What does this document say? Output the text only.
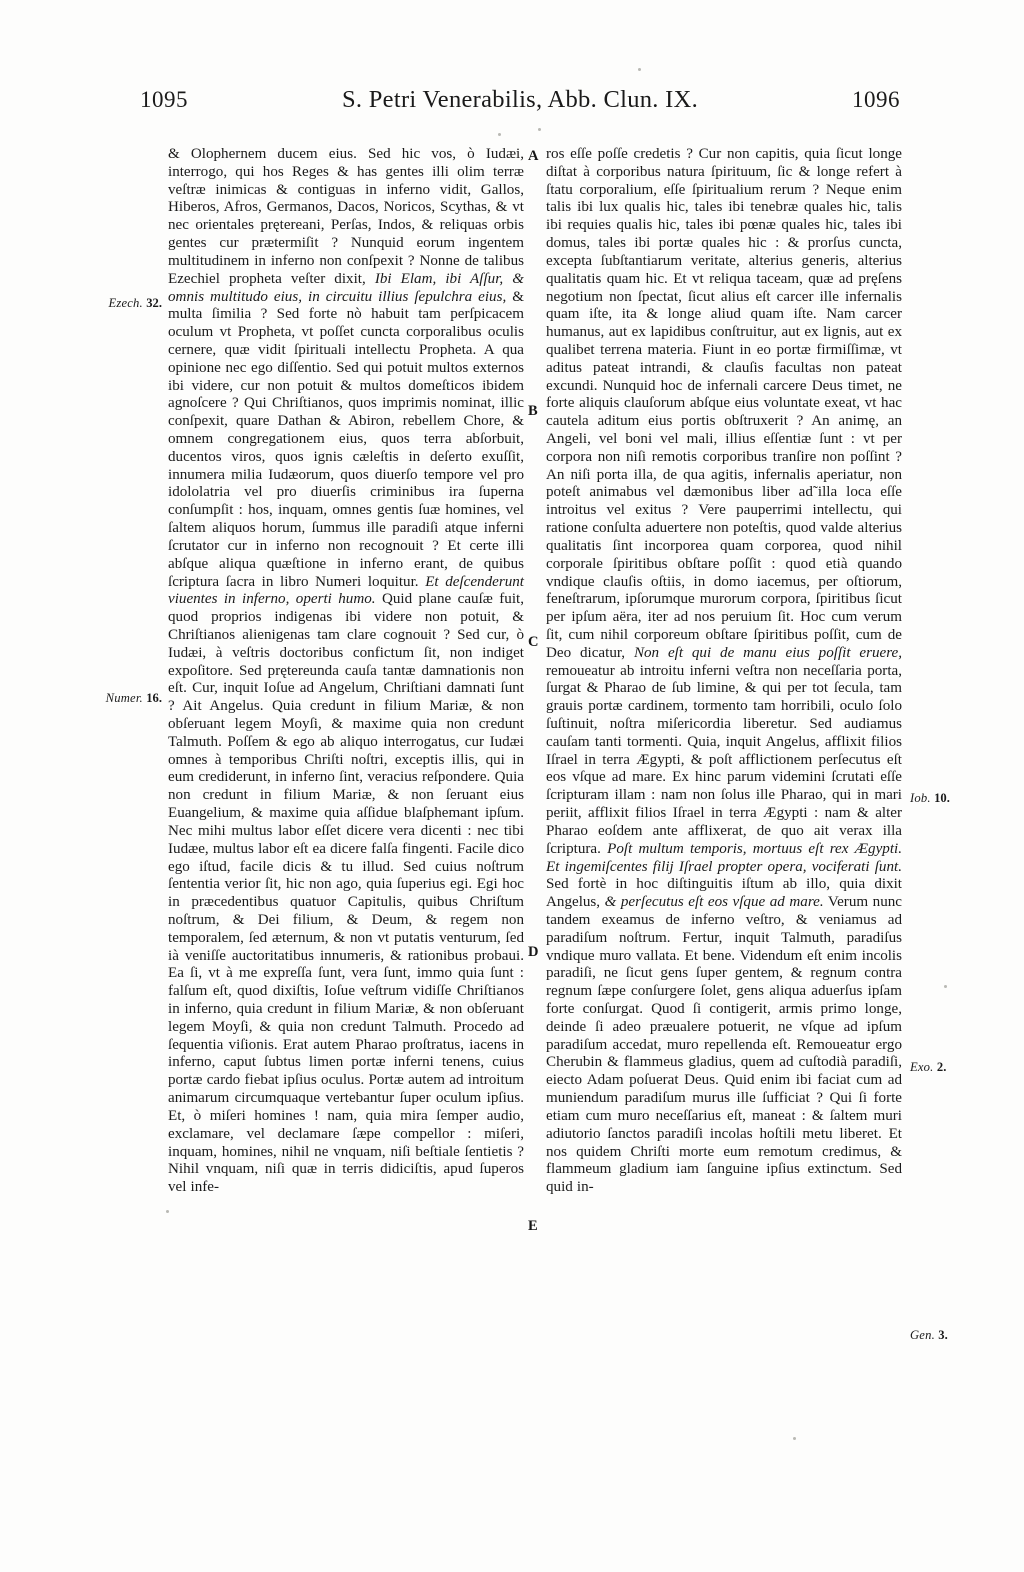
1095	S. Petri Venerabilis, Abb. Clun. IX.	1096

& Olophernem ducem eius. Sed hic vos, ò Iudæi, interrogo, qui hos Reges & has gentes illi olim terræ veſtræ inimicas & contiguas in inferno vidit, Gallos, Hiberos, Afros, Germanos, Dacos, Noricos, Scythas, & vt nec orientales prętereani, Perſas, Indos, & reliquas orbis gentes cur prætermiſit ? Nunquid eorum ingentem multitudinem in inferno non conſpexit ? Nonne de talibus Ezechiel propheta veſter dixit, Ibi Elam, ibi Aſſur, & omnis multitudo eius, in circuitu illius ſepulchra eius, & multa ſimilia ? Sed forte nò habuit tam perſpicacem oculum vt Propheta, vt poſſet cuncta corporalibus oculis cernere, quæ vidit ſpirituali intellectu Propheta. A qua opinione nec ego diſſentio. Sed qui potuit multos externos ibi videre, cur non potuit & multos domeſticos ibidem agnoſcere ? Qui Chriſtianos, quos imprimis nominat, illic conſpexit, quare Dathan & Abiron, rebellem Chore, & omnem congregationem eius, quos terra abſorbuit, ducentos viros, quos ignis cæleſtis in deſerto exuſſit, innumera milia Iudæorum, quos diuerſo tempore vel pro idololatria vel pro diuerſis criminibus ira ſuperna conſumpſit : hos, inquam, omnes gentis ſuæ homines, vel ſaltem aliquos horum, ſummus ille paradiſi atque inferni ſcrutator cur in inferno non recognouit ? Et certe illi abſque aliqua quæſtione in inferno erant, de quibus ſcriptura ſacra in libro Numeri loquitur. Et deſcenderunt viuentes in inferno, operti humo. Quid plane cauſæ fuit, quod proprios indigenas ibi videre non potuit, & Chriſtianos alienigenas tam clare cognouit ? Sed cur, ò Iudæi, à veſtris doctoribus confictum ſit, non indiget expoſitore. Sed prętereunda cauſa tantæ damnationis non eſt. Cur, inquit Ioſue ad Angelum, Chriſtiani damnati ſunt ? Ait Angelus. Quia credunt in filium Mariæ, & non obſeruant legem Moyſi, & maxime quia non credunt Talmuth. Poſſem & ego ab aliquo interrogatus, cur Iudæi omnes à temporibus Chriſti noſtri, exceptis illis, qui in eum crediderunt, in inferno ſint, veracius reſpondere. Quia non credunt in filium Mariæ, & non ſeruant eius Euangelium, & maxime quia aſſidue blaſphemant ipſum. Nec mihi multus labor eſſet dicere vera dicenti : nec tibi Iudæe, multus labor eſt ea dicere falſa fingenti. Facile dico ego iſtud, facile dicis & tu illud. Sed cuius noſtrum ſententia verior ſit, hic non ago, quia ſuperius egi. Egi hoc in præcedentibus quatuor Capitulis, quibus Chriſtum noſtrum, & Dei filium, & Deum, & regem non temporalem, ſed æternum, & non vt putatis venturum, ſed ià veniſſe auctoritatibus innumeris, & rationibus probaui. Ea ſi, vt à me expreſſa ſunt, vera ſunt, immo quia ſunt : falſum eſt, quod dixiſtis, Ioſue veſtrum vidiſſe Chriſtianos in inferno, quia credunt in filium Mariæ, & non obſeruant legem Moyſi, & quia non credunt Talmuth. Procedo ad ſequentia viſionis. Erat autem Pharao proſtratus, iacens in inferno, caput ſubtus limen portæ inferni tenens, cuius portæ cardo fiebat ipſius oculus. Portæ autem ad introitum animarum circumquaque vertebantur ſuper oculum ipſius. Et, ò miſeri homines ! nam, quia mira ſemper audio, exclamare, vel declamare ſæpe compellor : miſeri, inquam, homines, nihil ne vnquam, niſi beſtiale ſentietis ? Nihil vnquam, niſi quæ in terris didiciſtis, apud ſuperos vel infe-

ros eſſe poſſe credetis ? Cur non capitis, quia ſicut longe diſtat à corporibus natura ſpirituum, ſic & longe refert à ſtatu corporalium, eſſe ſpiritualium rerum ? Neque enim talis ibi lux qualis hic, tales ibi tenebræ quales hic, talis ibi requies qualis hic, tales ibi pœnæ quales hic, tales ibi domus, tales ibi portæ quales hic : & prorſus cuncta, excepta ſubſtantiarum veritate, alterius generis, alterius qualitatis quam hic. Et vt reliqua taceam, quæ ad pręſens negotium non ſpectat, ſicut alius eſt carcer ille infernalis quam iſte, ita & longe aliud quam iſte. Nam carcer humanus, aut ex lapidibus conſtruitur, aut ex lignis, aut ex qualibet terrena materia. Fiunt in eo portæ firmiſſimæ, vt aditus pateat intrandi, & clauſis facultas non pateat excundi. Nunquid hoc de infernali carcere Deus timet, ne forte aliquis clauſorum abſque eius voluntate exeat, vt hac cautela aditum eius portis obſtruxerit ? An animę, an Angeli, vel boni vel mali, illius eſſentiæ ſunt : vt per corpora non niſi remotis corporibus tranſire non poſſint ? An niſi porta illa, de qua agitis, infernalis aperiatur, non poteſt animabus vel dæmonibus liber ad˜illa loca eſſe introitus vel exitus ? Vere pauperrimi intellectu, qui ratione conſulta aduertere non poteſtis, quod valde alterius qualitatis ſint incorporea quam corporea, quod nihil corporale ſpiritibus obſtare poſſit : quod etià quando vndique clauſis oſtiis, in domo iacemus, per oſtiorum, feneſtrarum, ipſorumque murorum corpora, ſpiritibus ſicut per ipſum aëra, iter ad nos peruium ſit. Hoc cum verum ſit, cum nihil corporeum obſtare ſpiritibus poſſit, cum de Deo dicatur, Non eſt qui de manu eius poſſit eruere, remoueatur ab introitu inferni veſtra non neceſſaria porta, ſurgat & Pharao de ſub limine, & qui per tot ſecula, tam grauis portæ cardinem, tormento tam horribili, oculo ſolo ſuſtinuit, noſtra miſericordia liberetur. Sed audiamus cauſam tanti tormenti. Quia, inquit Angelus, afflixit filios Iſrael in terra Ægypti, & poſt afflictionem perſecutus eſt eos vſque ad mare. Ex hinc parum videmini ſcrutati eſſe ſcripturam illam : nam non ſolus ille Pharao, qui in mari periit, afflixit filios Iſrael in terra Ægypti : nam & alter Pharao eoſdem ante afflixerat, de quo ait verax illa ſcriptura. Poſt multum temporis, mortuus eſt rex Ægypti. Et ingemiſcentes filij Iſrael propter opera, vociferati ſunt. Sed fortè in hoc diſtinguitis iſtum ab illo, quia dixit Angelus, & perſecutus eſt eos vſque ad mare. Verum nunc tandem exeamus de inferno veſtro, & veniamus ad paradiſum noſtrum. Fertur, inquit Talmuth, paradiſus vndique muro vallata. Et bene. Videndum eſt enim incolis paradiſi, ne ſicut gens ſuper gentem, & regnum contra regnum ſæpe conſurgere ſolet, gens aliqua aduerſus ipſam forte conſurgat. Quod ſi contigerit, armis primo longe, deinde ſi adeo præualere potuerit, ne vſque ad ipſum paradiſum accedat, muro repellenda eſt. Remoueatur ergo Cherubin & flammeus gladius, quem ad cuſtodià paradiſi, eiecto Adam poſuerat Deus. Quid enim ibi faciat cum ad muniendum paradiſum murus ille ſufficiat ? Qui ſi forte etiam cum muro neceſſarius eſt, maneat : & ſaltem muri adiutorio ſanctos paradiſi incolas hoſtili metu liberet. Et nos quidem Chriſti morte eum remotum credimus, & flammeum gladium iam ſanguine ipſius extinctum. Sed quid in-

Ezech. 32.
Numer. 16.
Iob. 10.
Exo. 2.
Gen. 3.
A
B
C
D
E
